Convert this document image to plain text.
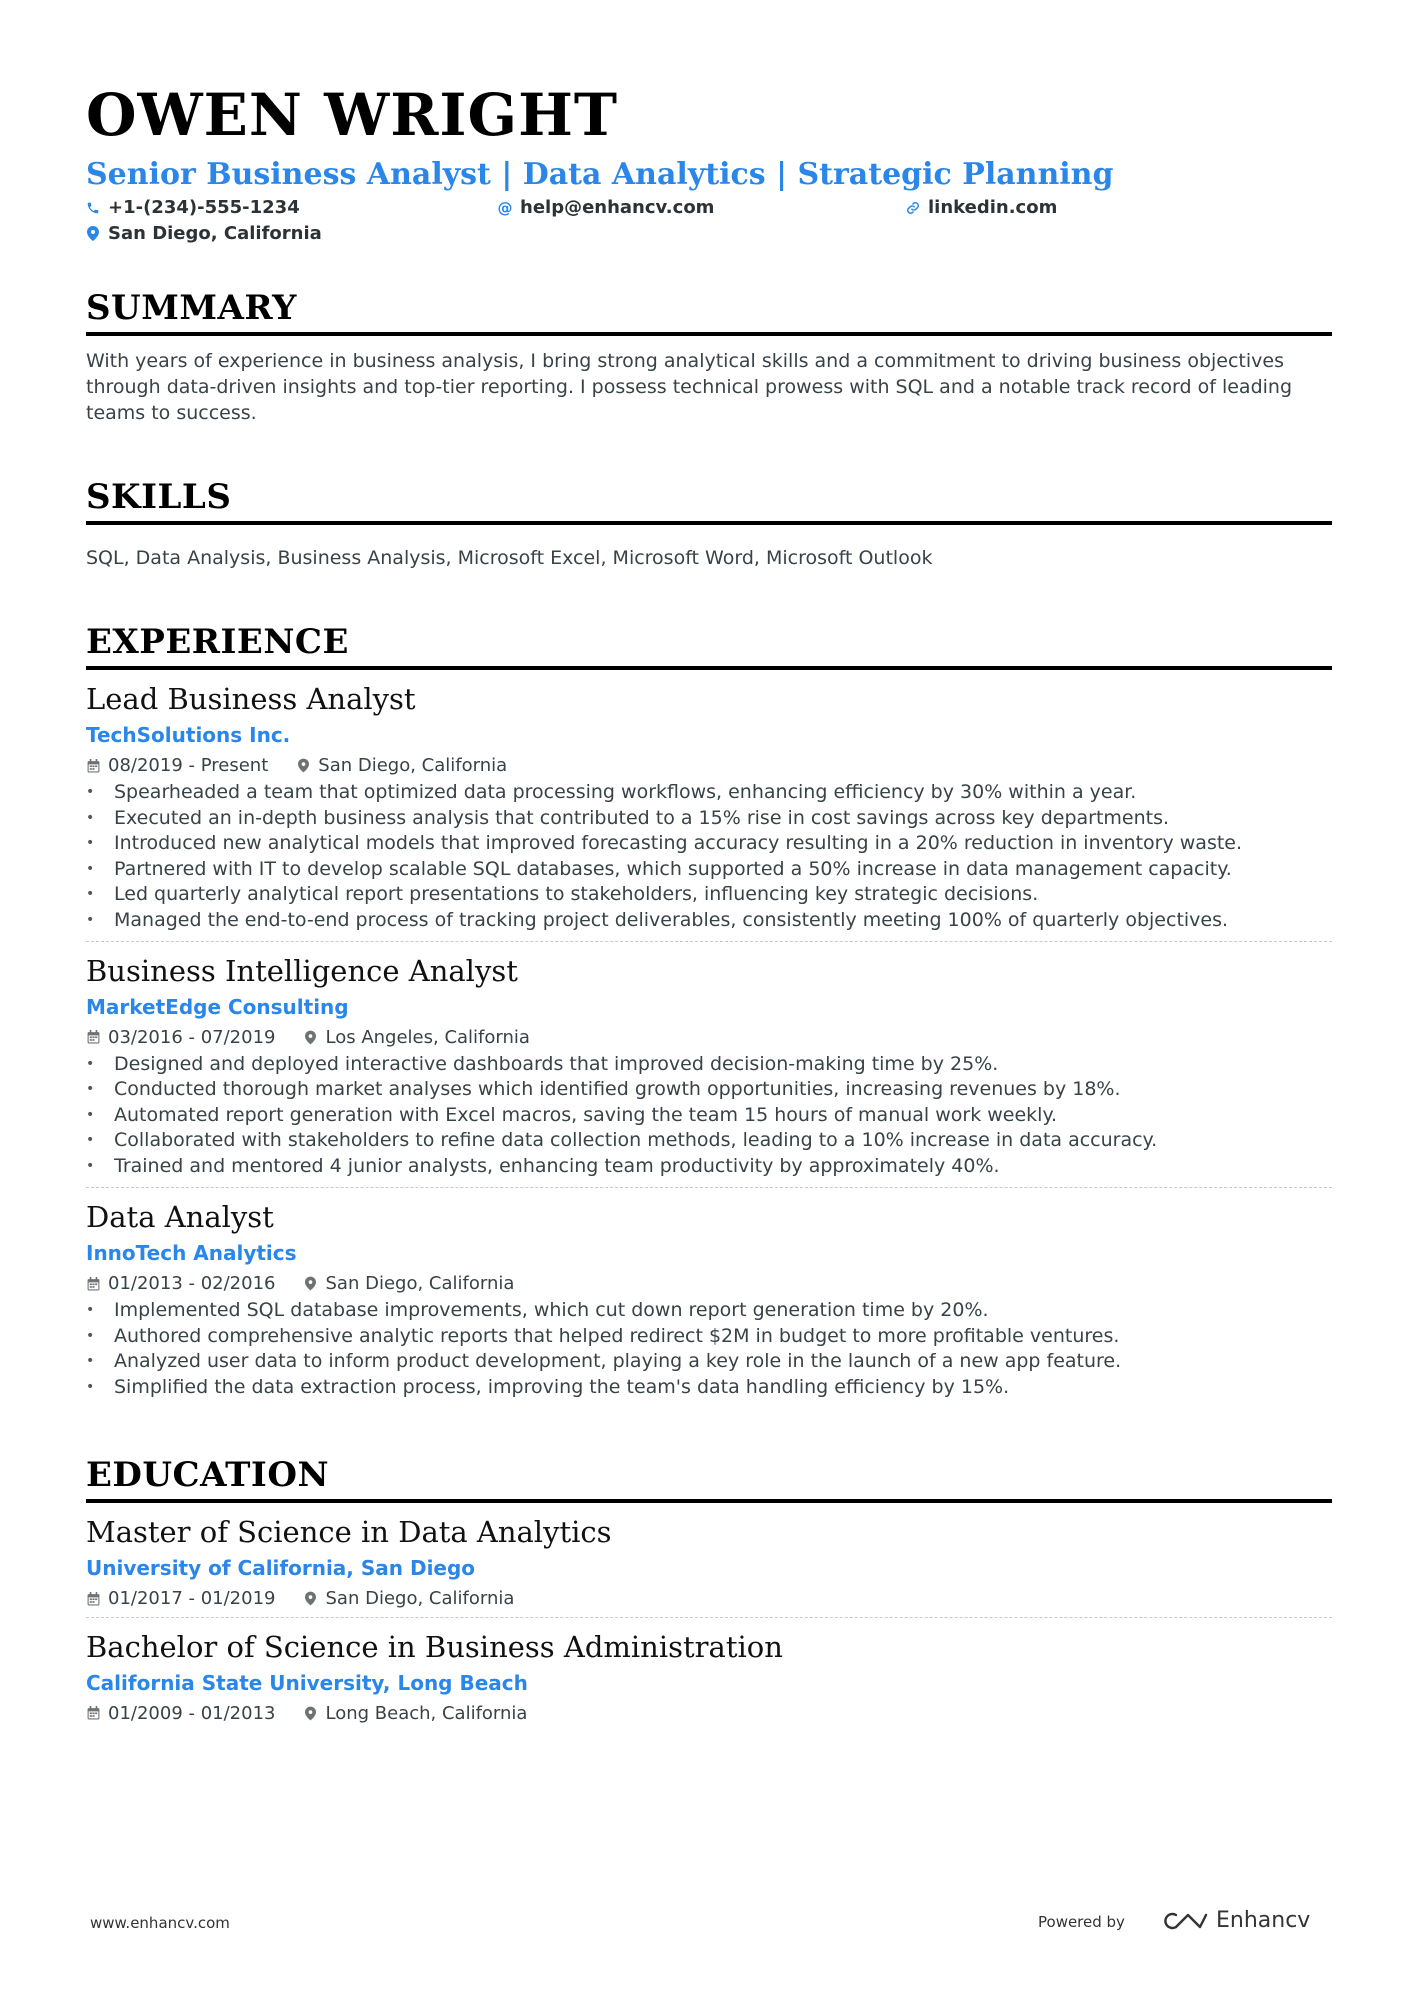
OWEN WRIGHT
Senior Business Analyst | Data Analytics | Strategic Planning
+1-(234)-555-1234	@ help@enhancv.com	linkedin.com
San Diego, California
SUMMARY
With years of experience in business analysis, I bring strong analytical skills and a commitment to driving business objectives through data-driven insights and top-tier reporting. I possess technical prowess with SQL and a notable track record of leading teams to success.
SKILLS
SQL, Data Analysis, Business Analysis, Microsoft Excel, Microsoft Word, Microsoft Outlook
EXPERIENCE
Lead Business Analyst
TechSolutions Inc.
08/2019 - Present	San Diego, California
• Spearheaded a team that optimized data processing workflows, enhancing efficiency by 30% within a year.
• Executed an in-depth business analysis that contributed to a 15% rise in cost savings across key departments.
• Introduced new analytical models that improved forecasting accuracy resulting in a 20% reduction in inventory waste.
• Partnered with IT to develop scalable SQL databases, which supported a 50% increase in data management capacity.
• Led quarterly analytical report presentations to stakeholders, influencing key strategic decisions.
• Managed the end-to-end process of tracking project deliverables, consistently meeting 100% of quarterly objectives.
Business Intelligence Analyst
MarketEdge Consulting
03/2016 - 07/2019	Los Angeles, California
• Designed and deployed interactive dashboards that improved decision-making time by 25%.
• Conducted thorough market analyses which identified growth opportunities, increasing revenues by 18%.
• Automated report generation with Excel macros, saving the team 15 hours of manual work weekly.
• Collaborated with stakeholders to refine data collection methods, leading to a 10% increase in data accuracy.
• Trained and mentored 4 junior analysts, enhancing team productivity by approximately 40%.
Data Analyst
InnoTech Analytics
01/2013 - 02/2016	San Diego, California
• Implemented SQL database improvements, which cut down report generation time by 20%.
• Authored comprehensive analytic reports that helped redirect $2M in budget to more profitable ventures.
• Analyzed user data to inform product development, playing a key role in the launch of a new app feature.
• Simplified the data extraction process, improving the team's data handling efficiency by 15%.
EDUCATION
Master of Science in Data Analytics
University of California, San Diego
01/2017 - 01/2019	San Diego, California
Bachelor of Science in Business Administration
California State University, Long Beach
01/2009 - 01/2013	Long Beach, California
www.enhancv.com	Powered by	Enhancv
